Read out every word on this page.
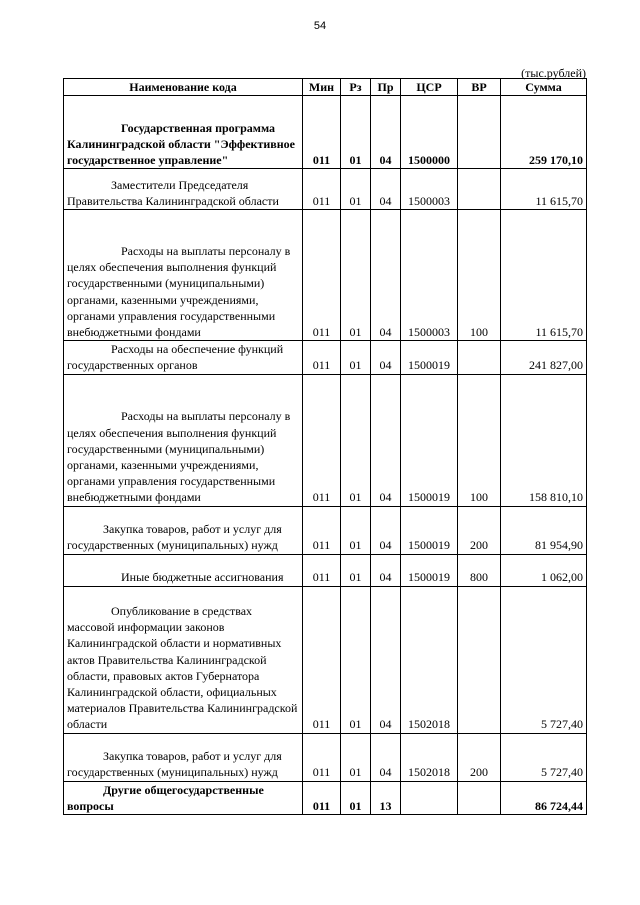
54
(тыс.рублей)
Наименование кода	Мин	Рз	Пр	ЦСР	ВР	Сумма
Государственная программа Калининградской области "Эффективное государственное управление"	011	01	04	1500000		259 170,10
Заместители Председателя Правительства Калининградской области	011	01	04	1500003		11 615,70
Расходы на выплаты персоналу в целях обеспечения выполнения функций государственными (муниципальными) органами, казенными учреждениями, органами управления государственными внебюджетными фондами	011	01	04	1500003	100	11 615,70
Расходы на обеспечение функций государственных органов	011	01	04	1500019		241 827,00
Расходы на выплаты персоналу в целях обеспечения выполнения функций государственными (муниципальными) органами, казенными учреждениями, органами управления государственными внебюджетными фондами	011	01	04	1500019	100	158 810,10
Закупка товаров, работ и услуг для государственных (муниципальных) нужд	011	01	04	1500019	200	81 954,90
Иные бюджетные ассигнования	011	01	04	1500019	800	1 062,00
Опубликование в средствах массовой информации законов Калининградской области и нормативных актов Правительства Калининградской области, правовых актов Губернатора Калининградской области, официальных материалов Правительства Калининградской области	011	01	04	1502018		5 727,40
Закупка товаров, работ и услуг для государственных (муниципальных) нужд	011	01	04	1502018	200	5 727,40
Другие общегосударственные вопросы	011	01	13			86 724,44
